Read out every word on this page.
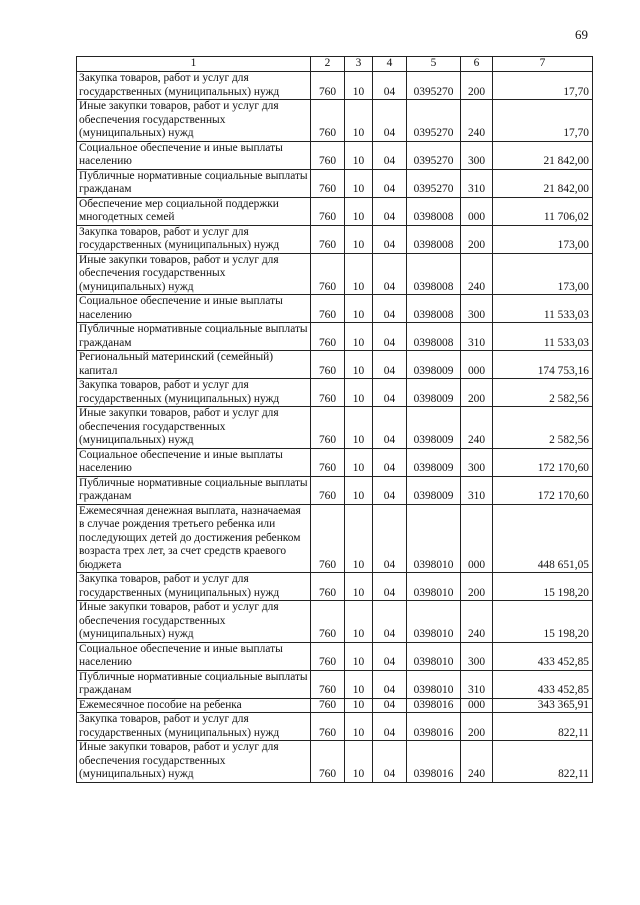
69
1	2	3	4	5	6	7
Закупка товаров, работ и услуг для государственных (муниципальных) нужд	760	10	04	0395270	200	17,70
Иные закупки товаров, работ и услуг для обеспечения государственных (муниципальных) нужд	760	10	04	0395270	240	17,70
Социальное обеспечение и иные выплаты населению	760	10	04	0395270	300	21 842,00
Публичные нормативные социальные выплаты гражданам	760	10	04	0395270	310	21 842,00
Обеспечение мер социальной поддержки многодетных семей	760	10	04	0398008	000	11 706,02
Закупка товаров, работ и услуг для государственных (муниципальных) нужд	760	10	04	0398008	200	173,00
Иные закупки товаров, работ и услуг для обеспечения государственных (муниципальных) нужд	760	10	04	0398008	240	173,00
Социальное обеспечение и иные выплаты населению	760	10	04	0398008	300	11 533,03
Публичные нормативные социальные выплаты гражданам	760	10	04	0398008	310	11 533,03
Региональный материнский (семейный) капитал	760	10	04	0398009	000	174 753,16
Закупка товаров, работ и услуг для государственных (муниципальных) нужд	760	10	04	0398009	200	2 582,56
Иные закупки товаров, работ и услуг для обеспечения государственных (муниципальных) нужд	760	10	04	0398009	240	2 582,56
Социальное обеспечение и иные выплаты населению	760	10	04	0398009	300	172 170,60
Публичные нормативные социальные выплаты гражданам	760	10	04	0398009	310	172 170,60
Ежемесячная денежная выплата, назначаемая в случае рождения третьего ребенка или последующих детей до достижения ребенком возраста трех лет, за счет средств краевого бюджета	760	10	04	0398010	000	448 651,05
Закупка товаров, работ и услуг для государственных (муниципальных) нужд	760	10	04	0398010	200	15 198,20
Иные закупки товаров, работ и услуг для обеспечения государственных (муниципальных) нужд	760	10	04	0398010	240	15 198,20
Социальное обеспечение и иные выплаты населению	760	10	04	0398010	300	433 452,85
Публичные нормативные социальные выплаты гражданам	760	10	04	0398010	310	433 452,85
Ежемесячное пособие на ребенка	760	10	04	0398016	000	343 365,91
Закупка товаров, работ и услуг для государственных (муниципальных) нужд	760	10	04	0398016	200	822,11
Иные закупки товаров, работ и услуг для обеспечения государственных (муниципальных) нужд	760	10	04	0398016	240	822,11
